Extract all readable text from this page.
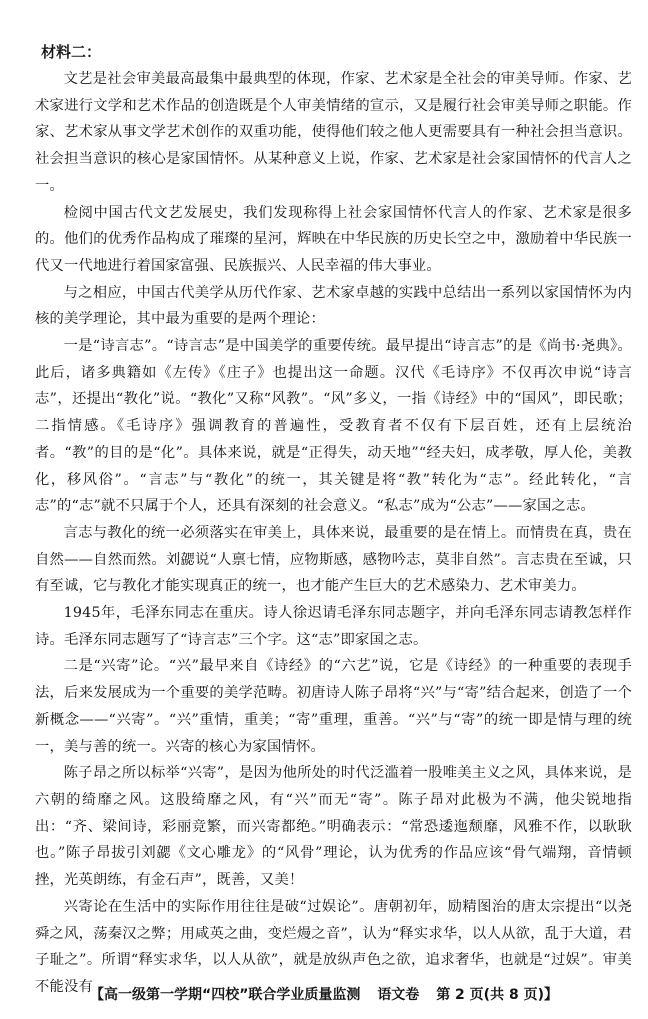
材料二：

文艺是社会审美最高最集中最典型的体现，作家、艺术家是全社会的审美导师。作家、艺术家进行文学和艺术作品的创造既是个人审美情绪的宣示，又是履行社会审美导师之职能。作家、艺术家从事文学艺术创作的双重功能，使得他们较之他人更需要具有一种社会担当意识。社会担当意识的核心是家国情怀。从某种意义上说，作家、艺术家是社会家国情怀的代言人之一。

检阅中国古代文艺发展史，我们发现称得上社会家国情怀代言人的作家、艺术家是很多的。他们的优秀作品构成了璀璨的星河，辉映在中华民族的历史长空之中，激励着中华民族一代又一代地进行着国家富强、民族振兴、人民幸福的伟大事业。

与之相应，中国古代美学从历代作家、艺术家卓越的实践中总结出一系列以家国情怀为内核的美学理论，其中最为重要的是两个理论：

一是“诗言志”。“诗言志”是中国美学的重要传统。最早提出“诗言志”的是《尚书·尧典》。此后，诸多典籍如《左传》《庄子》也提出这一命题。汉代《毛诗序》不仅再次申说“诗言志”，还提出“教化”说。“教化”又称“风教”。“风”多义，一指《诗经》中的“国风”，即民歌；二指情感。《毛诗序》强调教育的普遍性，受教育者不仅有下层百姓，还有上层统治者。“教”的目的是“化”。具体来说，就是“正得失，动天地”“经夫妇，成孝敬，厚人伦，美教化，移风俗”。“言志”与“教化”的统一，其关键是将“教”转化为“志”。经此转化，“言志”的“志”就不只属于个人，还具有深刻的社会意义。“私志”成为“公志”——家国之志。

言志与教化的统一必须落实在审美上，具体来说，最重要的是在情上。而情贵在真，贵在自然——自然而然。刘勰说“人禀七情，应物斯感，感物吟志，莫非自然”。言志贵在至诚，只有至诚，它与教化才能实现真正的统一，也才能产生巨大的艺术感染力、艺术审美力。

1945年，毛泽东同志在重庆。诗人徐迟请毛泽东同志题字，并向毛泽东同志请教怎样作诗。毛泽东同志题写了“诗言志”三个字。这“志”即家国之志。

二是“兴寄”论。“兴”最早来自《诗经》的“六艺”说，它是《诗经》的一种重要的表现手法，后来发展成为一个重要的美学范畴。初唐诗人陈子昂将“兴”与“寄”结合起来，创造了一个新概念——“兴寄”。“兴”重情，重美；“寄”重理，重善。“兴”与“寄”的统一即是情与理的统一，美与善的统一。兴寄的核心为家国情怀。

陈子昂之所以标举“兴寄”，是因为他所处的时代泛滥着一股唯美主义之风，具体来说，是六朝的绮靡之风。这股绮靡之风，有“兴”而无“寄”。陈子昂对此极为不满，他尖锐地指出：“齐、梁间诗，彩丽竞繁，而兴寄都绝。”明确表示：“常恐逶迤颓靡，风雅不作，以耿耿也。”陈子昂拔引刘勰《文心雕龙》的“风骨”理论，认为优秀的作品应该“骨气端翔，音情顿挫，光英朗练，有金石声”，既善，又美！

兴寄论在生活中的实际作用往往是破“过娱论”。唐朝初年，励精图治的唐太宗提出“以尧舜之风，荡秦汉之弊；用咸英之曲，变烂熳之音”，认为“释实求华，以人从欲，乱于大道，君子耻之”。所谓“释实求华，以人从欲”，就是放纵声色之欲，追求奢华，也就是“过娱”。审美不能没有

【高一级第一学期“四校”联合学业质量监测 语文卷 第 2 页(共 8 页)】
